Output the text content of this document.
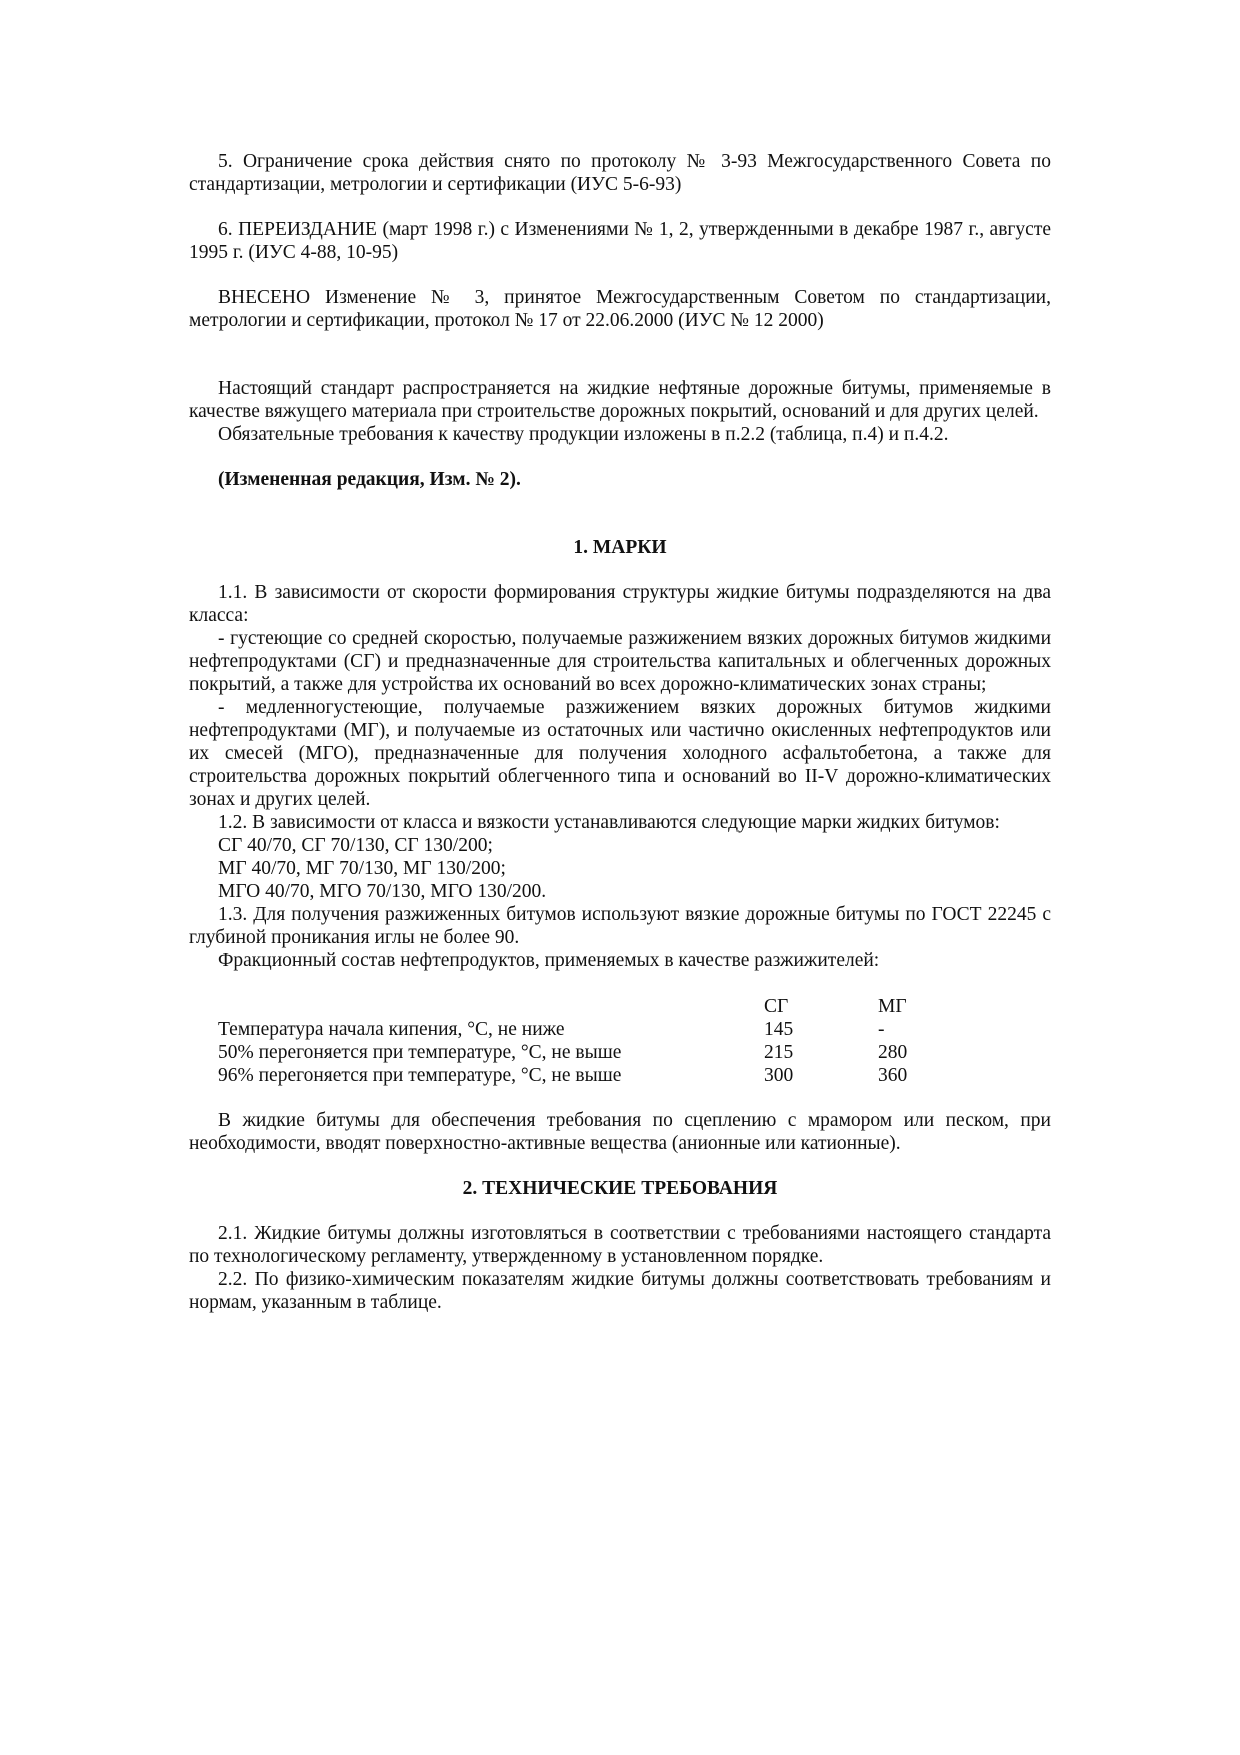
5. Ограничение срока действия снято по протоколу № 3-93 Межгосударственного Совета по стандартизации, метрологии и сертификации (ИУС 5-6-93)

6. ПЕРЕИЗДАНИЕ (март 1998 г.) с Изменениями № 1, 2, утвержденными в декабре 1987 г., августе 1995 г. (ИУС 4-88, 10-95)

ВНЕСЕНО Изменение № 3, принятое Межгосударственным Советом по стандартизации, метрологии и сертификации, протокол № 17 от 22.06.2000 (ИУС № 12 2000)

Настоящий стандарт распространяется на жидкие нефтяные дорожные битумы, применяемые в качестве вяжущего материала при строительстве дорожных покрытий, оснований и для других целей.

Обязательные требования к качеству продукции изложены в п.2.2 (таблица, п.4) и п.4.2.

(Измененная редакция, Изм. № 2).

1. МАРКИ

1.1. В зависимости от скорости формирования структуры жидкие битумы подразделяются на два класса:

- густеющие со средней скоростью, получаемые разжижением вязких дорожных битумов жидкими нефтепродуктами (СГ) и предназначенные для строительства капитальных и облегченных дорожных покрытий, а также для устройства их оснований во всех дорожно-климатических зонах страны;

- медленногустеющие, получаемые разжижением вязких дорожных битумов жидкими нефтепродуктами (МГ), и получаемые из остаточных или частично окисленных нефтепродуктов или их смесей (МГО), предназначенные для получения холодного асфальтобетона, а также для строительства дорожных покрытий облегченного типа и оснований во II-V дорожно-климатических зонах и других целей.

1.2. В зависимости от класса и вязкости устанавливаются следующие марки жидких битумов:

СГ 40/70, СГ 70/130, СГ 130/200;

МГ 40/70, МГ 70/130, МГ 130/200;

МГО 40/70, МГО 70/130, МГО 130/200.

1.3. Для получения разжиженных битумов используют вязкие дорожные битумы по ГОСТ 22245 с глубиной проникания иглы не более 90.

Фракционный состав нефтепродуктов, применяемых в качестве разжижителей:

	СГ	МГ
Температура начала кипения, °С, не ниже	145	-
50% перегоняется при температуре, °С, не выше	215	280
96% перегоняется при температуре, °С, не выше	300	360

В жидкие битумы для обеспечения требования по сцеплению с мрамором или песком, при необходимости, вводят поверхностно-активные вещества (анионные или катионные).

2. ТЕХНИЧЕСКИЕ ТРЕБОВАНИЯ

2.1. Жидкие битумы должны изготовляться в соответствии с требованиями настоящего стандарта по технологическому регламенту, утвержденному в установленном порядке.

2.2. По физико-химическим показателям жидкие битумы должны соответствовать требованиям и нормам, указанным в таблице.
